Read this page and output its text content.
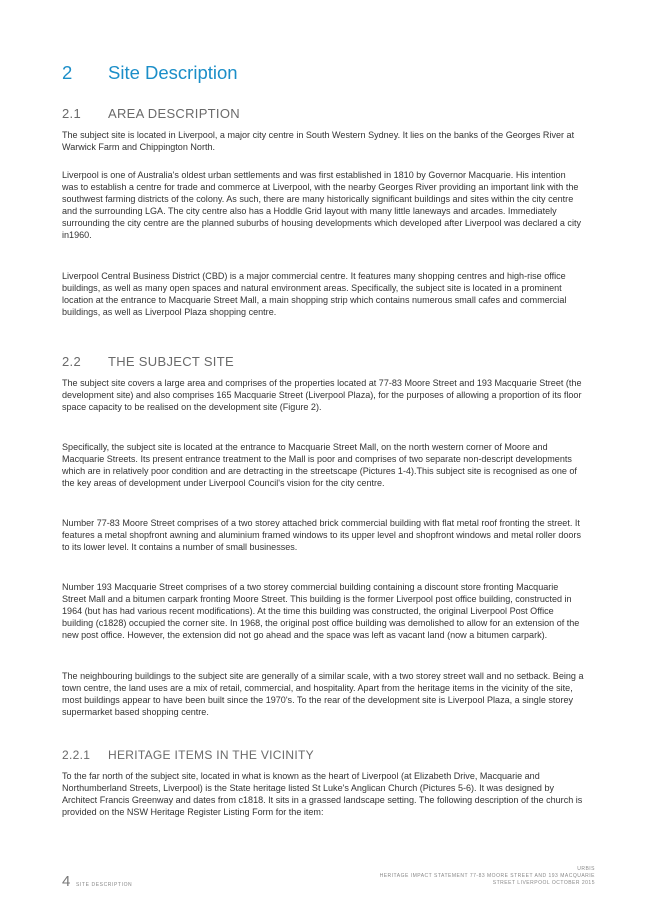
2 Site Description
2.1 AREA DESCRIPTION

The subject site is located in Liverpool, a major city centre in South Western Sydney. It lies on the banks of the Georges River at Warwick Farm and Chippington North.

Liverpool is one of Australia's oldest urban settlements and was first established in 1810 by Governor Macquarie. His intention was to establish a centre for trade and commerce at Liverpool, with the nearby Georges River providing an important link with the southwest farming districts of the colony. As such, there are many historically significant buildings and sites within the city centre and the surrounding LGA. The city centre also has a Hoddle Grid layout with many little laneways and arcades. Immediately surrounding the city centre are the planned suburbs of housing developments which developed after Liverpool was declared a city in1960.

Liverpool Central Business District (CBD) is a major commercial centre. It features many shopping centres and high-rise office buildings, as well as many open spaces and natural environment areas. Specifically, the subject site is located in a prominent location at the entrance to Macquarie Street Mall, a main shopping strip which contains numerous small cafes and commercial buildings, as well as Liverpool Plaza shopping centre.

2.2 THE SUBJECT SITE

The subject site covers a large area and comprises of the properties located at 77-83 Moore Street and 193 Macquarie Street (the development site) and also comprises 165 Macquarie Street (Liverpool Plaza), for the purposes of allowing a proportion of its floor space capacity to be realised on the development site (Figure 2).

Specifically, the subject site is located at the entrance to Macquarie Street Mall, on the north western corner of Moore and Macquarie Streets. Its present entrance treatment to the Mall is poor and comprises of two separate non-descript developments which are in relatively poor condition and are detracting in the streetscape (Pictures 1-4).This subject site is recognised as one of the key areas of development under Liverpool Council's vision for the city centre.

Number 77-83 Moore Street comprises of a two storey attached brick commercial building with flat metal roof fronting the street. It features a metal shopfront awning and aluminium framed windows to its upper level and shopfront windows and metal roller doors to its lower level. It contains a number of small businesses.

Number 193 Macquarie Street comprises of a two storey commercial building containing a discount store fronting Macquarie Street Mall and a bitumen carpark fronting Moore Street. This building is the former Liverpool post office building, constructed in 1964 (but has had various recent modifications). At the time this building was constructed, the original Liverpool Post Office building (c1828) occupied the corner site. In 1968, the original post office building was demolished to allow for an extension of the new post office. However, the extension did not go ahead and the space was left as vacant land (now a bitumen carpark).

The neighbouring buildings to the subject site are generally of a similar scale, with a two storey street wall and no setback. Being a town centre, the land uses are a mix of retail, commercial, and hospitality. Apart from the heritage items in the vicinity of the site, most buildings appear to have been built since the 1970's. To the rear of the development site is Liverpool Plaza, a single storey supermarket based shopping centre.

2.2.1 HERITAGE ITEMS IN THE VICINITY

To the far north of the subject site, located in what is known as the heart of Liverpool (at Elizabeth Drive, Macquarie and Northumberland Streets, Liverpool) is the State heritage listed St Luke's Anglican Church (Pictures 5-6). It was designed by Architect Francis Greenway and dates from c1818. It sits in a grassed landscape setting. The following description of the church is provided on the NSW Heritage Register Listing Form for the item:

4 SITE DESCRIPTION
URBIS
HERITAGE IMPACT STATEMENT 77-83 MOORE STREET AND 193 MACQUARIE
STREET LIVERPOOL OCTOBER 2015
